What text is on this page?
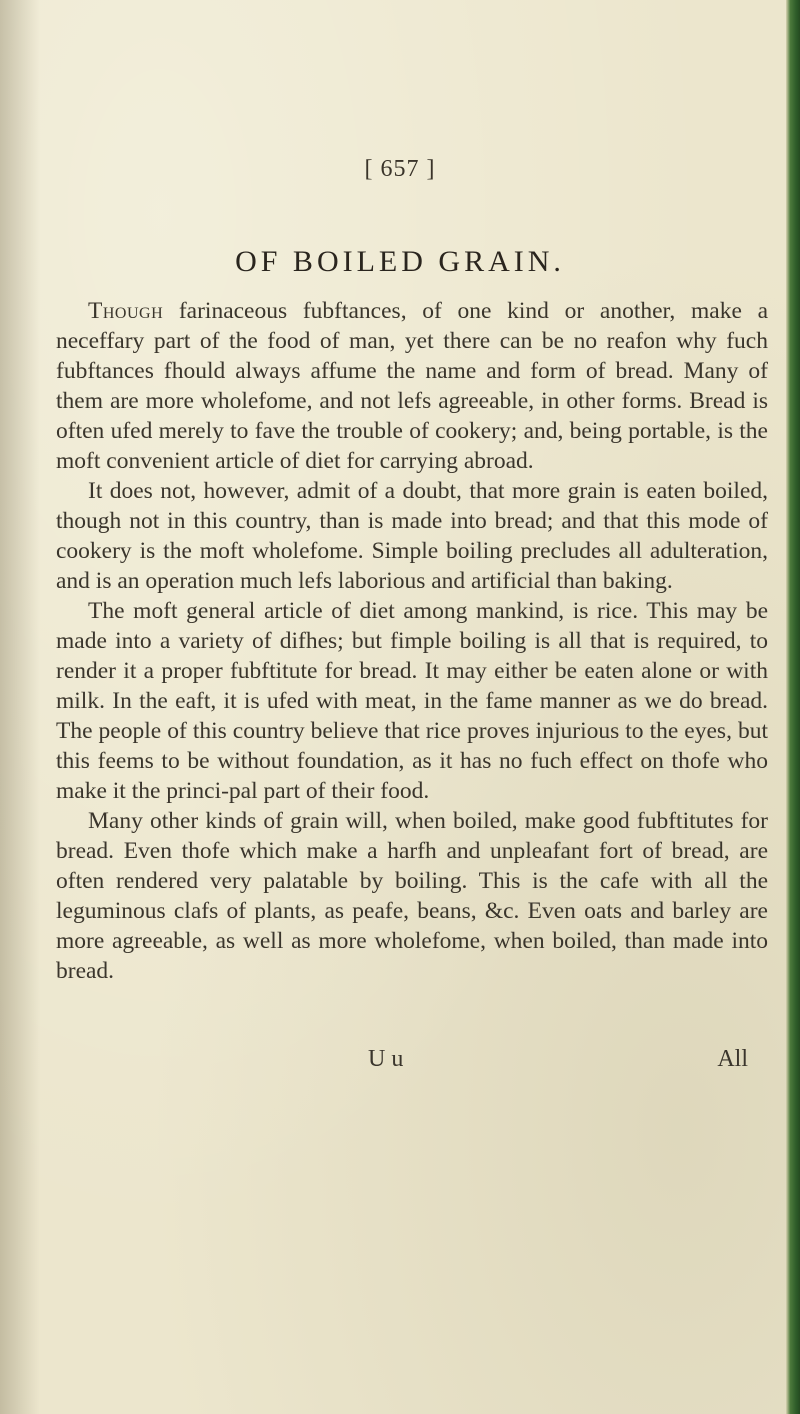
[ 657 ]
OF BOILED GRAIN.

Though farinaceous fubftances, of one kind or another, make a neceffary part of the food of man, yet there can be no reafon why fuch fubftances fhould always affume the name and form of bread. Many of them are more wholefome, and not lefs agreeable, in other forms. Bread is often ufed merely to fave the trouble of cookery; and, being portable, is the moft convenient article of diet for carrying abroad.

It does not, however, admit of a doubt, that more grain is eaten boiled, though not in this country, than is made into bread; and that this mode of cookery is the moft wholefome. Simple boiling precludes all adulteration, and is an operation much lefs laborious and artificial than baking.

The moft general article of diet among mankind, is rice. This may be made into a variety of difhes; but fimple boiling is all that is required, to render it a proper fubftitute for bread. It may either be eaten alone or with milk. In the eaft, it is ufed with meat, in the fame manner as we do bread. The people of this country believe that rice proves injurious to the eyes, but this feems to be without foundation, as it has no fuch effect on thofe who make it the princi-pal part of their food.

Many other kinds of grain will, when boiled, make good fubftitutes for bread. Even thofe which make a harfh and unpleafant fort of bread, are often rendered very palatable by boiling. This is the cafe with all the leguminous clafs of plants, as peafe, beans, &c. Even oats and barley are more agreeable, as well as more wholefome, when boiled, than made into bread.

U u	All
